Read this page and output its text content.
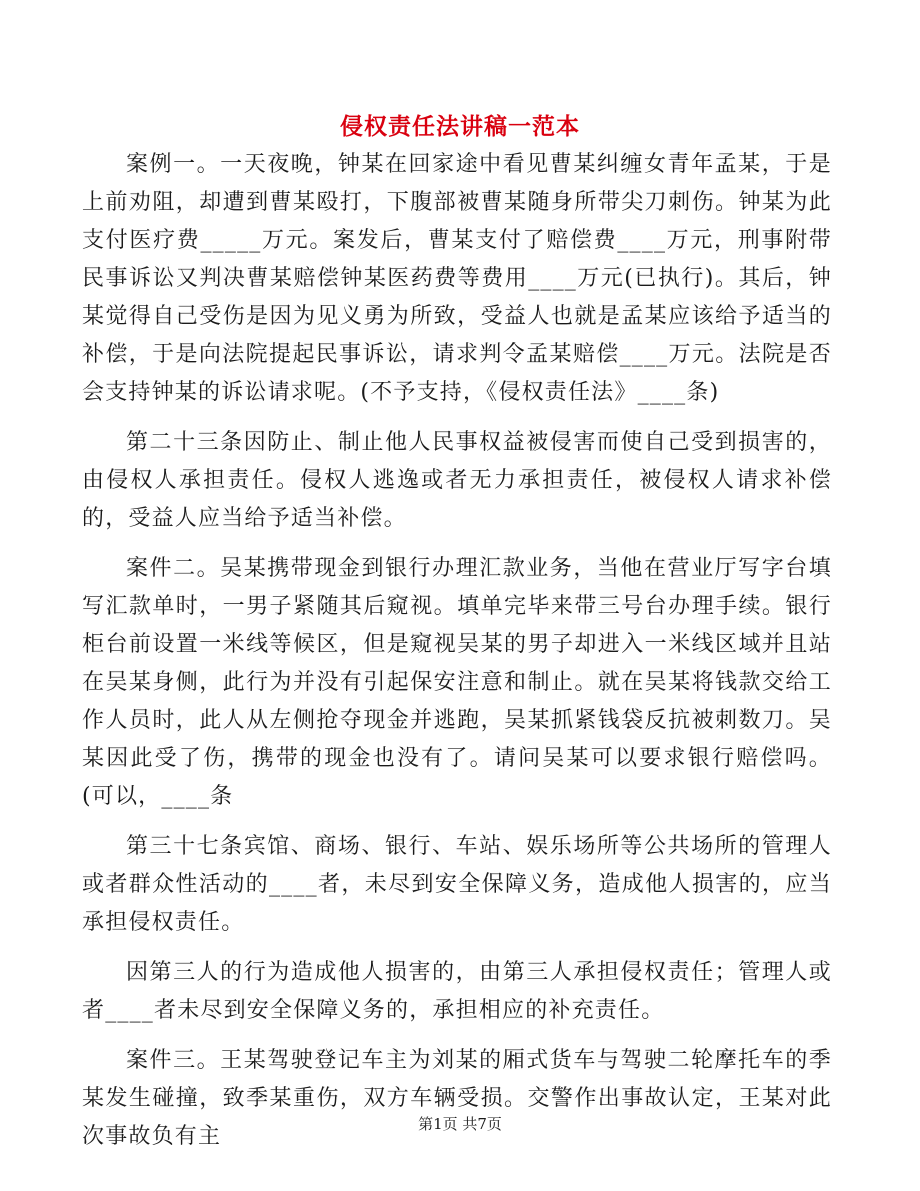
侵权责任法讲稿一范本

案例一。一天夜晚，钟某在回家途中看见曹某纠缠女青年孟某，于是上前劝阻，却遭到曹某殴打，下腹部被曹某随身所带尖刀刺伤。钟某为此支付医疗费_____万元。案发后，曹某支付了赔偿费____万元，刑事附带民事诉讼又判决曹某赔偿钟某医药费等费用____万元(已执行)。其后，钟某觉得自己受伤是因为见义勇为所致，受益人也就是孟某应该给予适当的补偿，于是向法院提起民事诉讼，请求判令孟某赔偿____万元。法院是否会支持钟某的诉讼请求呢。(不予支持，《侵权责任法》____条)

第二十三条因防止、制止他人民事权益被侵害而使自己受到损害的，由侵权人承担责任。侵权人逃逸或者无力承担责任，被侵权人请求补偿的，受益人应当给予适当补偿。

案件二。吴某携带现金到银行办理汇款业务，当他在营业厅写字台填写汇款单时，一男子紧随其后窥视。填单完毕来带三号台办理手续。银行柜台前设置一米线等候区，但是窥视吴某的男子却进入一米线区域并且站在吴某身侧，此行为并没有引起保安注意和制止。就在吴某将钱款交给工作人员时，此人从左侧抢夺现金并逃跑，吴某抓紧钱袋反抗被刺数刀。吴某因此受了伤，携带的现金也没有了。请问吴某可以要求银行赔偿吗。(可以，____条

第三十七条宾馆、商场、银行、车站、娱乐场所等公共场所的管理人或者群众性活动的____者，未尽到安全保障义务，造成他人损害的，应当承担侵权责任。

因第三人的行为造成他人损害的，由第三人承担侵权责任；管理人或者____者未尽到安全保障义务的，承担相应的补充责任。

案件三。王某驾驶登记车主为刘某的厢式货车与驾驶二轮摩托车的季某发生碰撞，致季某重伤，双方车辆受损。交警作出事故认定，王某对此次事故负有主	第1页 共7页
